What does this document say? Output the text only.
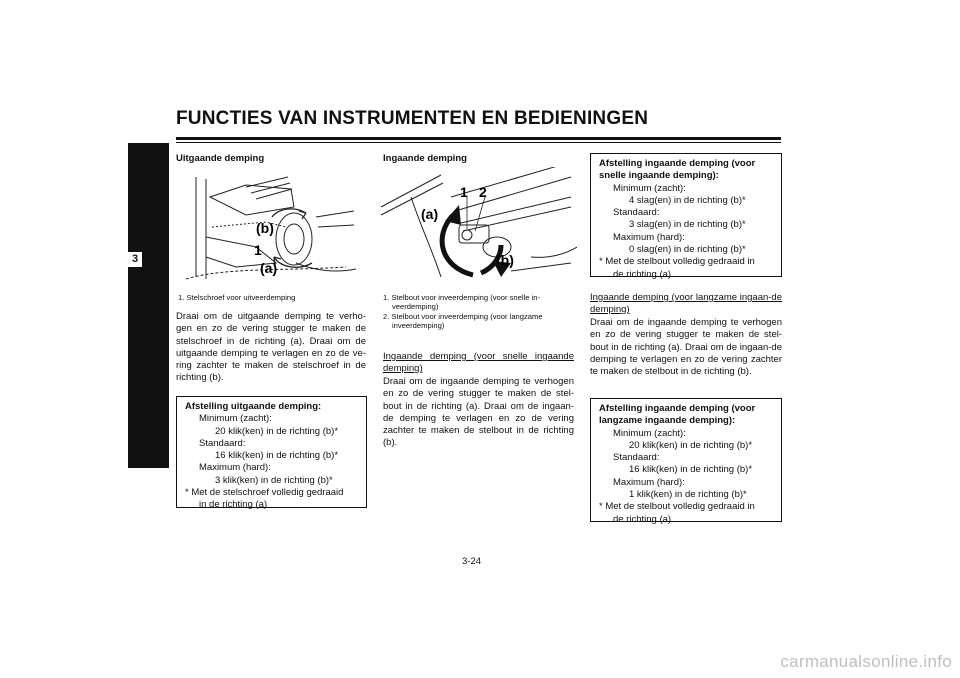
FUNCTIES VAN INSTRUMENTEN EN BEDIENINGEN
3
Uitgaande demping
(b)
1
(a)
1. Stelschroef voor uitveerdemping
Draai om de uitgaande demping te verho-gen en zo de vering stugger te maken de stelschroef in de richting (a). Draai om de uitgaande demping te verlagen en zo de ve-ring zachter te maken de stelschroef in de richting (b).
Afstelling uitgaande demping:
Minimum (zacht):
20 klik(ken) in de richting (b)*
Standaard:
16 klik(ken) in de richting (b)*
Maximum (hard):
3 klik(ken) in de richting (b)*
* Met de stelschroef volledig gedraaid
in de richting (a)
Ingaande demping
1 2
(a)
(b)
1. Stelbout voor inveerdemping (voor snelle in-
veerdemping)
2. Stelbout voor inveerdemping (voor langzame
inveerdemping)
Ingaande demping (voor snelle ingaande demping)
Draai om de ingaande demping te verhogen en zo de vering stugger te maken de stel-bout in de richting (a). Draai om de ingaan-de demping te verlagen en zo de vering zachter te maken de stelbout in de richting (b).
Afstelling ingaande demping (voor
snelle ingaande demping):
Minimum (zacht):
4 slag(en) in de richting (b)*
Standaard:
3 slag(en) in de richting (b)*
Maximum (hard):
0 slag(en) in de richting (b)*
* Met de stelbout volledig gedraaid in
de richting (a)
Ingaande demping (voor langzame ingaan-de demping)
Draai om de ingaande demping te verhogen en zo de vering stugger te maken de stel-bout in de richting (a). Draai om de ingaan-de demping te verlagen en zo de vering zachter te maken de stelbout in de richting (b).
Afstelling ingaande demping (voor
langzame ingaande demping):
Minimum (zacht):
20 klik(ken) in de richting (b)*
Standaard:
16 klik(ken) in de richting (b)*
Maximum (hard):
1 klik(ken) in de richting (b)*
* Met de stelbout volledig gedraaid in
de richting (a)
3-24
carmanualsonline.info
